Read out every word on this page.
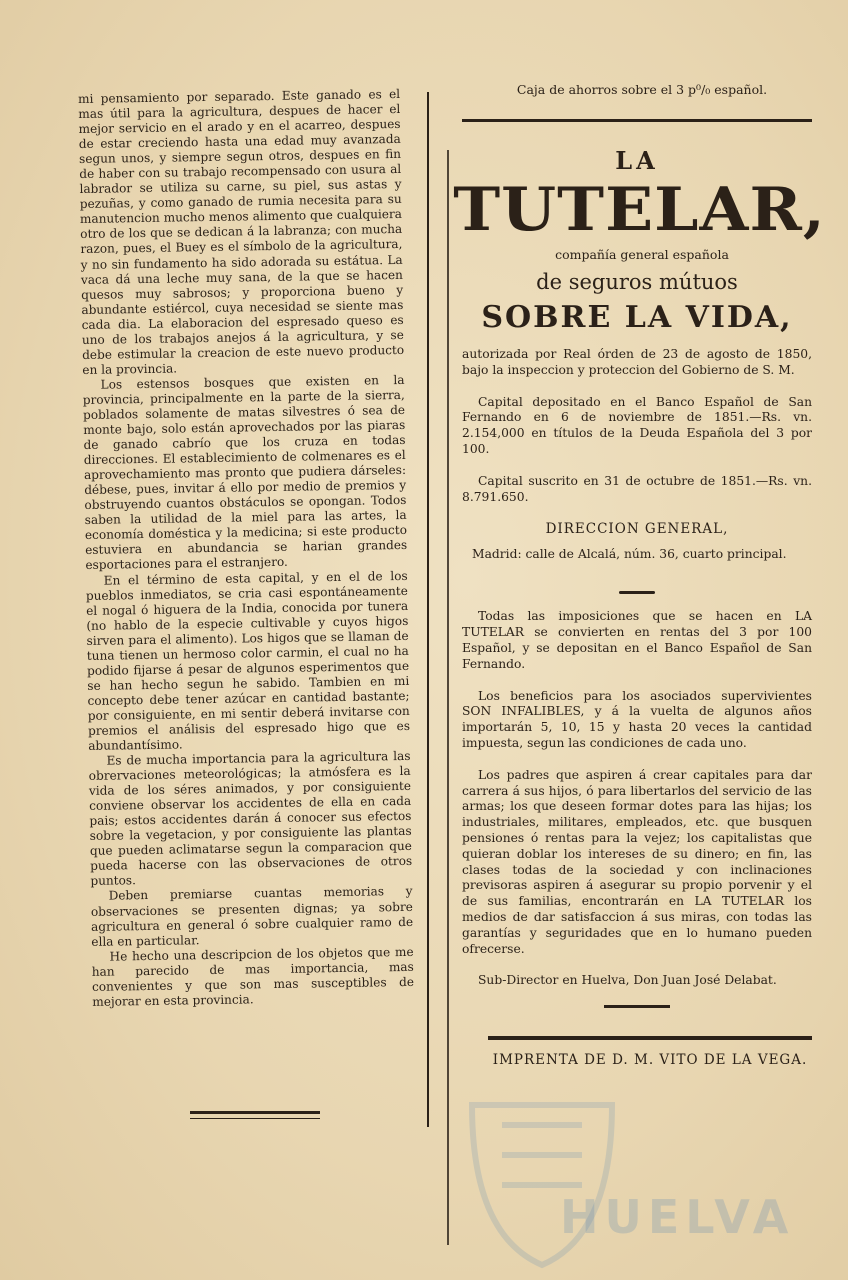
mi pensamiento por separado. Este ganado es el mas útil para la agricultura, despues de hacer el mejor servicio en el arado y en el acarreo, despues de estar creciendo hasta una edad muy avanzada segun unos, y siempre segun otros, despues en fin de haber con su trabajo recompensado con usura al labrador se utiliza su carne, su piel, sus astas y pezuñas, y como ganado de rumia necesita para su manutencion mucho menos alimento que cualquiera otro de los que se dedican á la labranza; con mucha razon, pues, el Buey es el símbolo de la agricultura, y no sin fundamento ha sido adorada su estátua. La vaca dá una leche muy sana, de la que se hacen quesos muy sabrosos; y proporciona bueno y abundante estiércol, cuya necesidad se siente mas cada dia. La elaboracion del espresado queso es uno de los trabajos anejos á la agricultura, y se debe estimular la creacion de este nuevo producto en la provincia.

Los estensos bosques que existen en la provincia, principalmente en la parte de la sierra, poblados solamente de matas silvestres ó sea de monte bajo, solo están aprovechados por las piaras de ganado cabrío que los cruza en todas direcciones. El establecimiento de colmenares es el aprovechamiento mas pronto que pudiera dárseles: débese, pues, invitar á ello por medio de premios y obstruyendo cuantos obstáculos se opongan. Todos saben la utilidad de la miel para las artes, la economía doméstica y la medicina; si este producto estuviera en abundancia se harian grandes esportaciones para el estranjero.

En el término de esta capital, y en el de los pueblos inmediatos, se cria casi espontáneamente el nogal ó higuera de la India, conocida por tunera (no hablo de la especie cultivable y cuyos higos sirven para el alimento). Los higos que se llaman de tuna tienen un hermoso color carmin, el cual no ha podido fijarse á pesar de algunos esperimentos que se han hecho segun he sabido. Tambien en mi concepto debe tener azúcar en cantidad bastante; por consiguiente, en mi sentir deberá invitarse con premios el análisis del espresado higo que es abundantísimo.

Es de mucha importancia para la agricultura las obrervaciones meteorológicas; la atmósfera es la vida de los séres animados, y por consiguiente conviene observar los accidentes de ella en cada pais; estos accidentes darán á conocer sus efectos sobre la vegetacion, y por consiguiente las plantas que pueden aclimatarse segun la comparacion que pueda hacerse con las observaciones de otros puntos.

Deben premiarse cuantas memorias y observaciones se presenten dignas; ya sobre agricultura en general ó sobre cualquier ramo de ella en particular.

He hecho una descripcion de los objetos que me han parecido de mas importancia, mas convenientes y que son mas susceptibles de mejorar en esta provincia.

Caja de ahorros sobre el 3 p⁰/₀ español.
LA
TUTELAR,
compañía general española
de seguros mútuos
SOBRE LA VIDA,

autorizada por Real órden de 23 de agosto de 1850, bajo la inspeccion y proteccion del Gobierno de S. M.

Capital depositado en el Banco Español de San Fernando en 6 de noviembre de 1851.—Rs. vn. 2.154,000 en títulos de la Deuda Española del 3 por 100.

Capital suscrito en 31 de octubre de 1851.—Rs. vn. 8.791.650.

DIRECCION GENERAL,

Madrid: calle de Alcalá, núm. 36, cuarto principal.

Todas las imposiciones que se hacen en LA TUTELAR se convierten en rentas del 3 por 100 Español, y se depositan en el Banco Español de San Fernando.

Los beneficios para los asociados supervivientes SON INFALIBLES, y á la vuelta de algunos años importarán 5, 10, 15 y hasta 20 veces la cantidad impuesta, segun las condiciones de cada uno.

Los padres que aspiren á crear capitales para dar carrera á sus hijos, ó para libertarlos del servicio de las armas; los que deseen formar dotes para las hijas; los industriales, militares, empleados, etc. que busquen pensiones ó rentas para la vejez; los capitalistas que quieran doblar los intereses de su dinero; en fin, las clases todas de la sociedad y con inclinaciones previsoras aspiren á asegurar su propio porvenir y el de sus familias, encontrarán en LA TUTELAR los medios de dar satisfaccion á sus miras, con todas las garantías y seguridades que en lo humano pueden ofrecerse.

Sub-Director en Huelva, Don Juan José Delabat.

IMPRENTA DE D. M. VITO DE LA VEGA.
HUELVA
